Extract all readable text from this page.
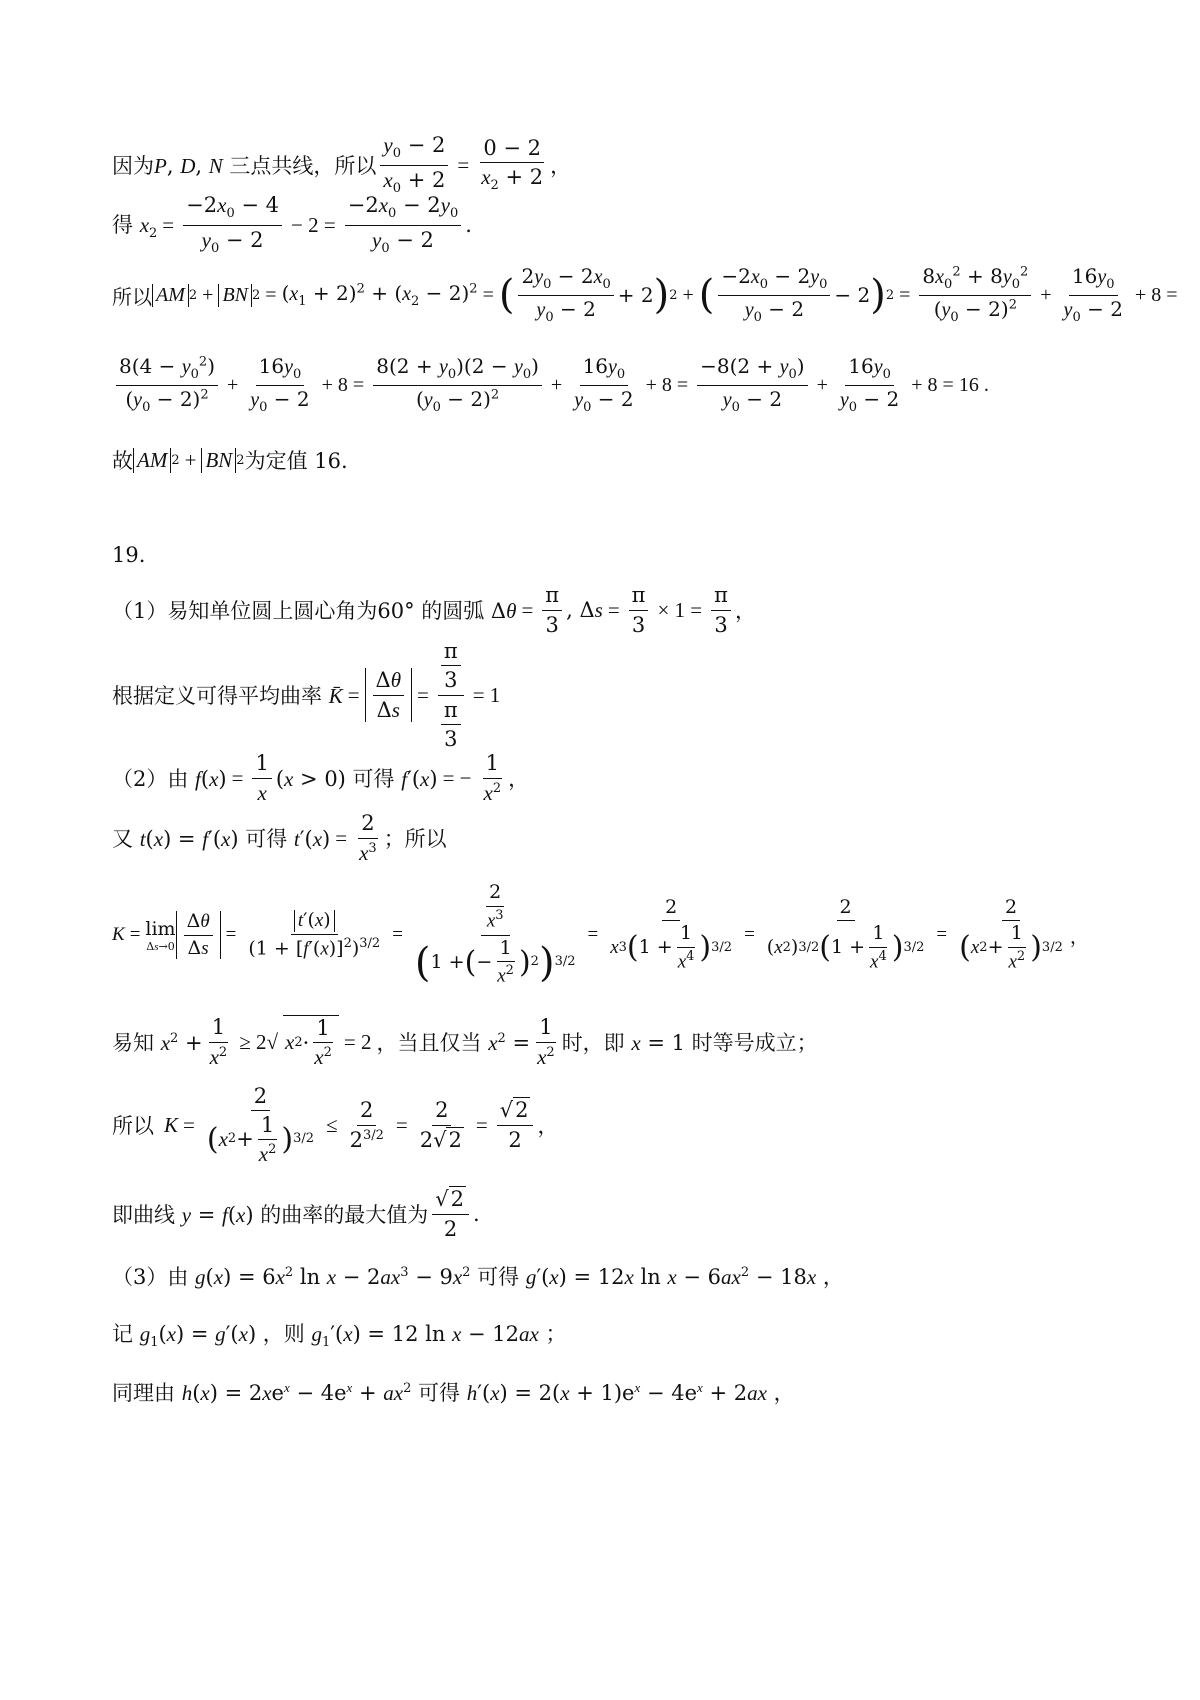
因为P, D, N 三点共线，所以 $\frac{y_0 - 2}{x_0 + 2} = \frac{0 - 2}{x_2 + 2}$ ，
得 $x_2 = \frac{-2x_0 - 4}{y_0 - 2} - 2 = \frac{-2x_0 - 2y_0}{y_0 - 2}$ .
所以 AM 2 + BN $2 = (x_1 + 2)^2 + (x_2 - 2)^2$ = ( $\frac{2y_0 - 2x_0}{y_0 - 2} + 2$ ) 2 + ( $\frac{-2x_0 - 2y_0}{y_0 - 2} - 2$ ) $2 = \frac{8x_0^2 + 8y_0^2}{(y_0 - 2)^2} + \frac{16y_0}{y_0 - 2} + 8$ =
$\frac{8(4 - y_0^2)}{(y_0 - 2)^2} + \frac{16y_0}{y_0 - 2} + 8 = \frac{8(2 + y_0)(2 - y_0)}{(y_0 - 2)^2} + \frac{16y_0}{y_0 - 2} + 8 = \frac{-8(2 + y_0)}{y_0 - 2} + \frac{16y_0}{y_0 - 2} + 8 = 16$ .
故 AM 2 + BN 2 为定值 16.
19.
（1）易知单位圆上圆心角为60° 的圆弧 $\Delta\theta = \frac{\pi}{3}$ , $\Delta s = \frac{\pi}{3} \times 1 = \frac{\pi}{3}$ ，
根据定义可得平均曲率 K̄ = $\frac{\Delta\theta}{\Delta s} = \frac{\frac{\pi}{3}}{\frac{\pi}{3}} = 1$
（2）由 $f(x) = \frac{1}{x} (x > 0)$ 可得 f′(x) = − $\frac{1}{x^2}$ ，
又 t(x) = f′(x) 可得 $t'(x) = \frac{2}{x^3}$ ；所以
K = lim
$\Delta s\to 0 \frac{\Delta\theta}{\Delta s} = \frac{t '( x )}{(1 + [f'(x)]^2)^{3/2}} = \frac{\frac{2}{x^3}}{( 1 + ( - \frac{1}{x^2} ) 2 ) 3/2} = \frac{2}{x 3 ( 1 + \frac{1}{x^4} ) 3/2} = \frac{2}{( x 2 ) 3/2 ( 1 + \frac{1}{x^4} ) 3/2} = \frac{2}{( x 2 + \frac{1}{x^2} ) 3/2}$ ，
易知 $x^2 + \frac{1}{x^2} \ge 2√$ x $2 \cdot \frac{1}{x^2} = 2$ ，当且仅当 $x^2 = \frac{1}{x^2}$ 时，即 x = 1 时等号成立；
所以 $K = \frac{2}{( x 2 + \frac{1}{x^2} ) 3/2} \le \frac{2}{2^{3/2}} = \frac{2}{2√2} = \frac{√2}{2}$ ，
即曲线 y = f(x) 的曲率的最大值为 $\frac{√2}{2}$ .
（3）由 $g(x) = 6x^2$ $\ln x - 2ax^3 - 9x^2$ 可得 g′(x) = 12x $\ln x - 6ax^2 - 18x$ ，
记 $g_1(x) = g'(x)$ ，则 $g_1'(x) = 12$ ln x − 12ax ；
同理由 $h(x) = 2xe^x - 4e^x + ax^2$ 可得 $h'(x) = 2(x + 1)e^x - 4e^x + 2ax$ ，
